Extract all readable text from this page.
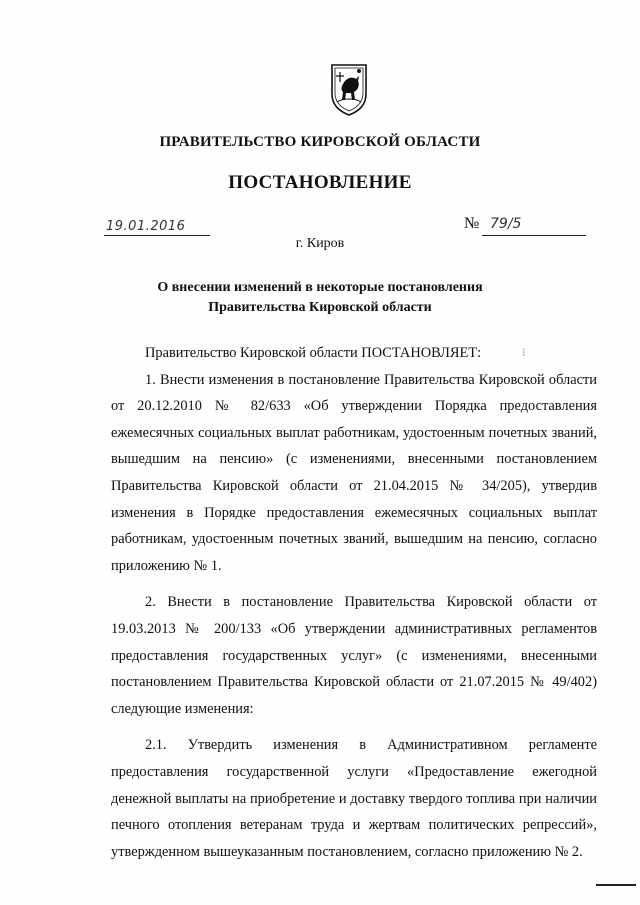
ПРАВИТЕЛЬСТВО КИРОВСКОЙ ОБЛАСТИ
ПОСТАНОВЛЕНИЕ
19.01.2016	№ 79/5
г. Киров
О внесении изменений в некоторые постановления
Правительства Кировской области
⁝

Правительство Кировской области ПОСТАНОВЛЯЕТ:

1. Внести изменения в постановление Правительства Кировской области от 20.12.2010 № 82/633 «Об утверждении Порядка предоставления ежемесячных социальных выплат работникам, удостоенным почетных званий, вышедшим на пенсию» (с изменениями, внесенными постановлением Правительства Кировской области от 21.04.2015 № 34/205), утвердив изменения в Порядке предоставления ежемесячных социальных выплат работникам, удостоенным почетных званий, вышедшим на пенсию, согласно приложению № 1.

2. Внести в постановление Правительства Кировской области от 19.03.2013 № 200/133 «Об утверждении административных регламентов предоставления государственных услуг» (с изменениями, внесенными постановлением Правительства Кировской области от 21.07.2015 № 49/402) следующие изменения:

2.1. Утвердить изменения в Административном регламенте предоставления государственной услуги «Предоставление ежегодной денежной выплаты на приобретение и доставку твердого топлива при наличии печного отопления ветеранам труда и жертвам политических репрессий», утвержденном вышеуказанным постановлением, согласно приложению № 2.
